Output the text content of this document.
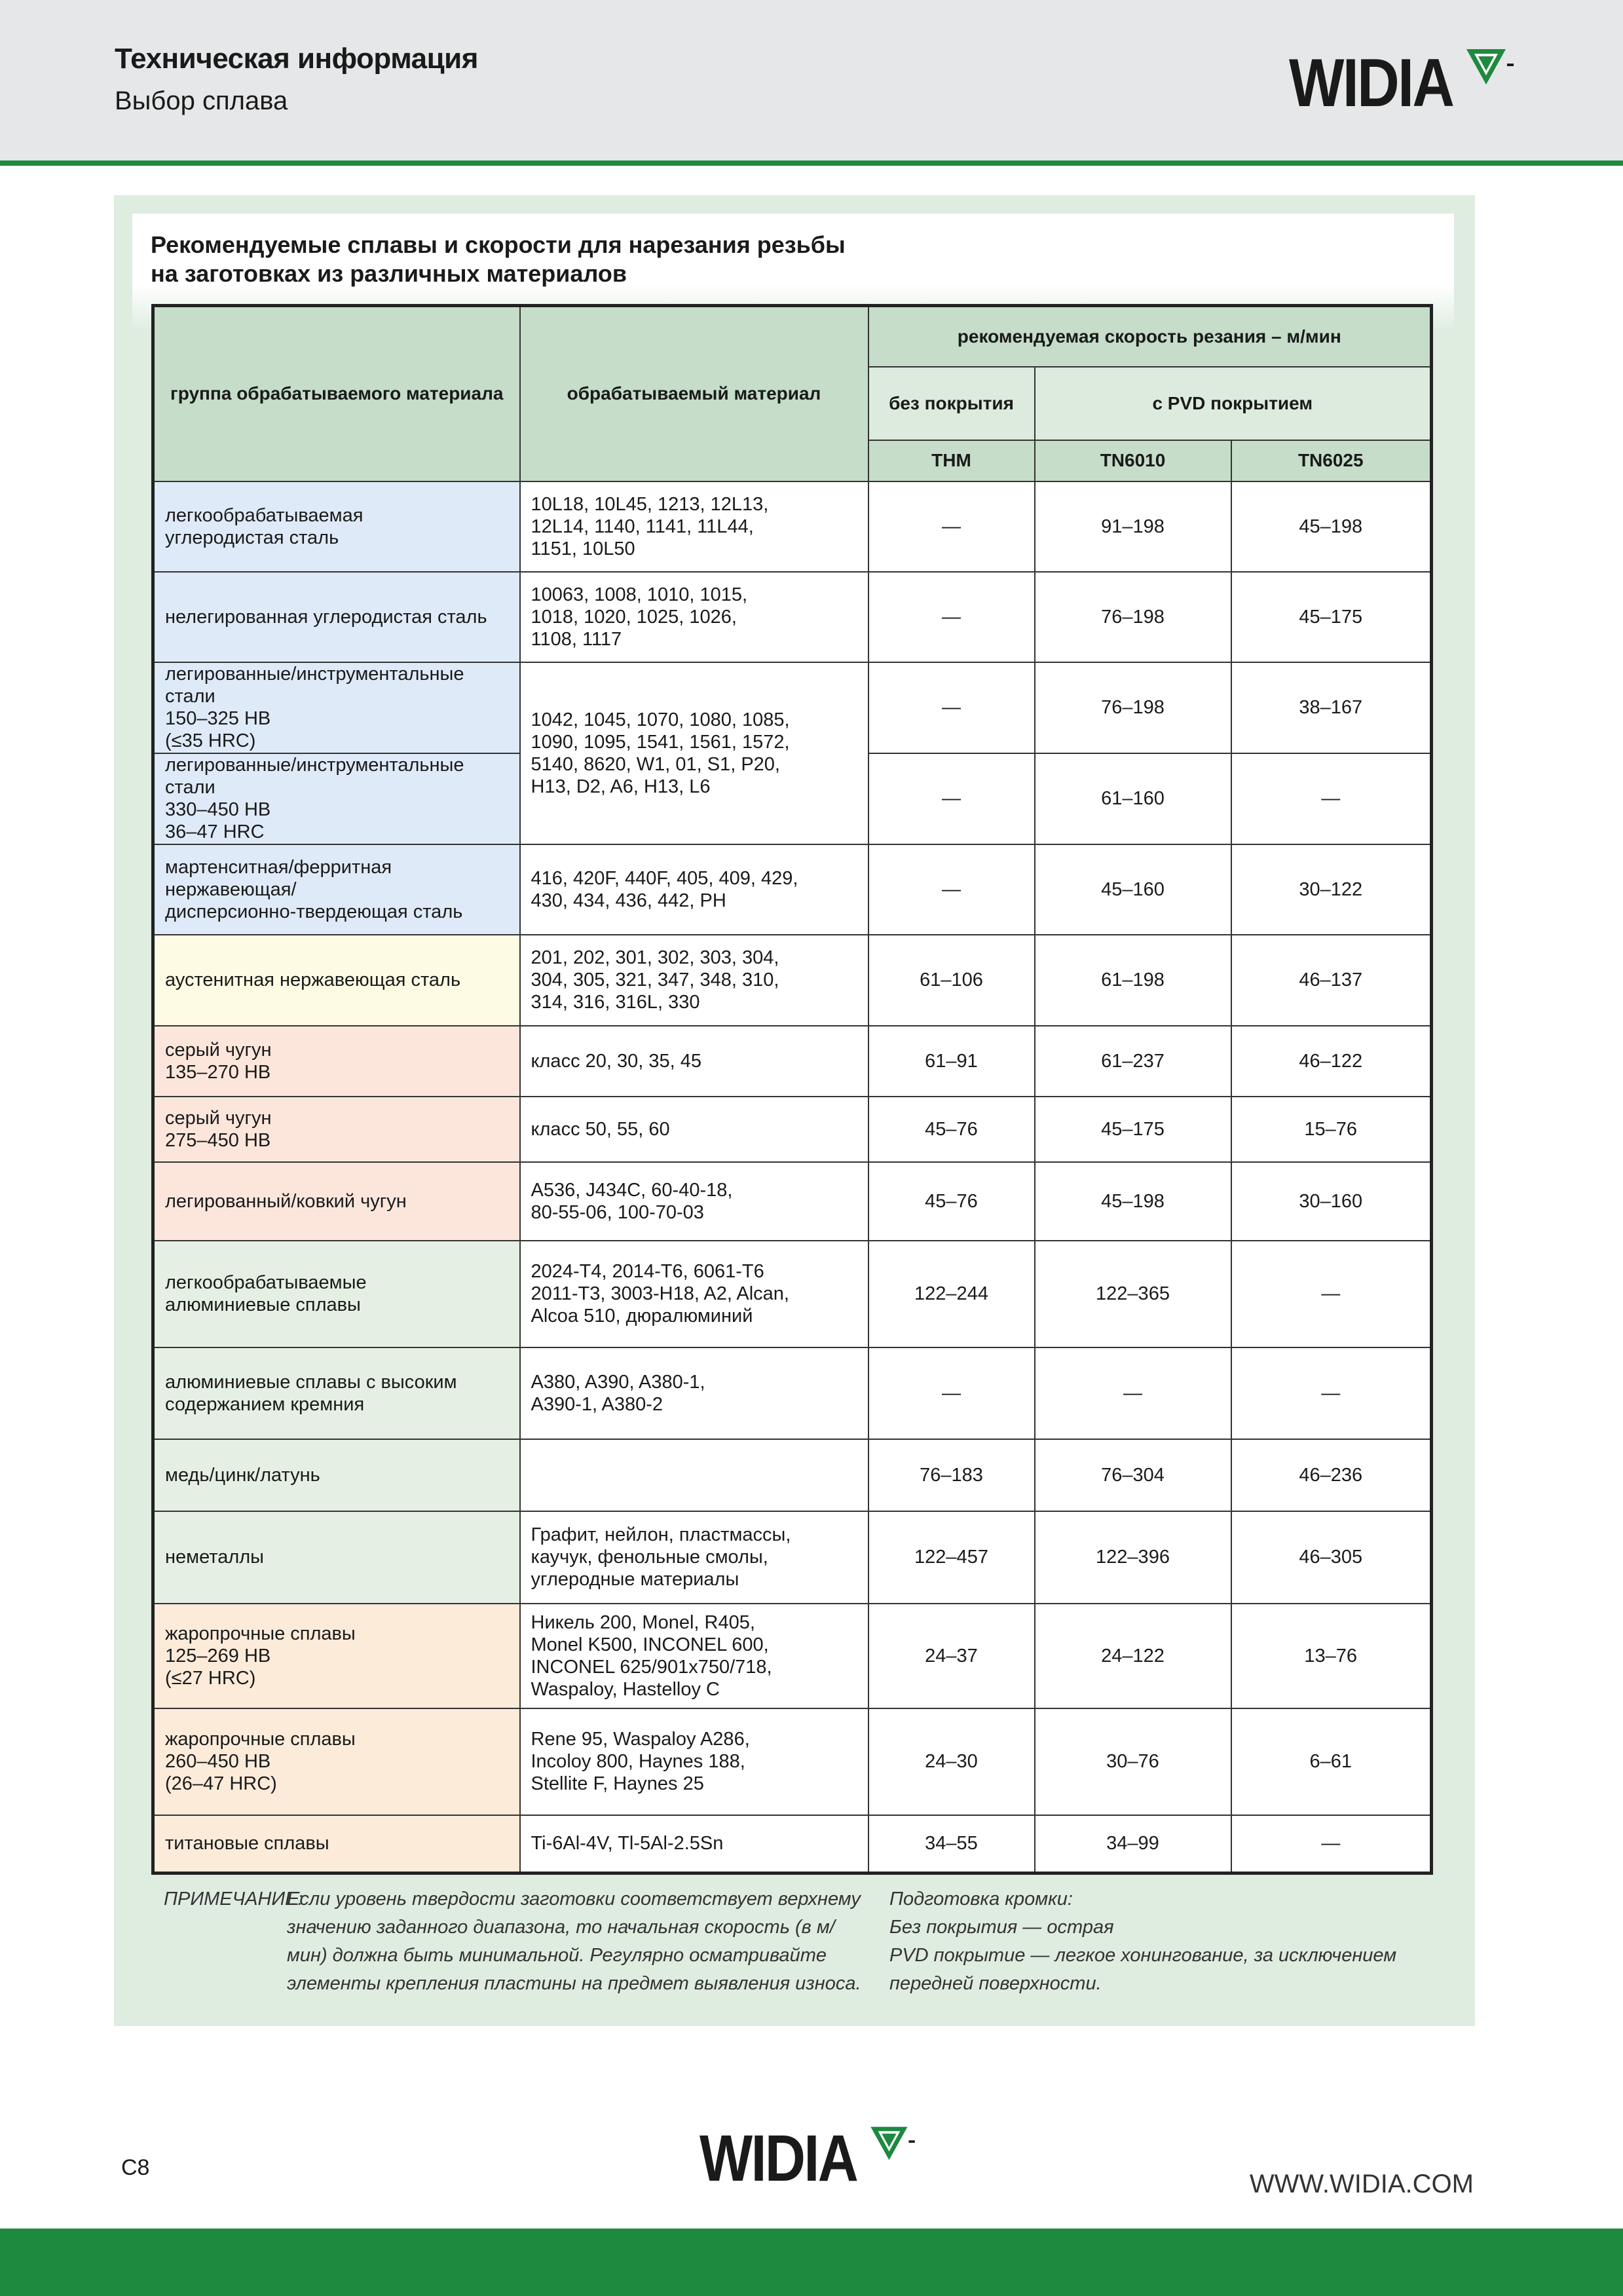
Техническая информация
Выбор сплава	WIDIA
Рекомендуемые сплавы и скорости для нарезания резьбы
на заготовках из различных материалов
группа обрабатываемого материала	обрабатываемый материал	рекомендуемая скорость резания – м/мин		
		без покрытия	с PVD покрытием	
		THM	TN6010	TN6025
легкообрабатываемая
углеродистая сталь	10L18, 10L45, 1213, 12L13,
12L14, 1140, 1141, 11L44,
1151, 10L50	—	91–198	45–198
нелегированная углеродистая сталь	10063, 1008, 1010, 1015,
1018, 1020, 1025, 1026,
1108, 1117	—	76–198	45–175
легированные/инструментальные стали
150–325 HB
(≤35 HRC)	1042, 1045, 1070, 1080, 1085,
1090, 1095, 1541, 1561, 1572,
5140, 8620, W1, 01, S1, P20,
H13, D2, A6, H13, L6	—	76–198	38–167
легированные/инструментальные стали
330–450 HB
36–47 HRC		—	61–160	—
мартенситная/ферритная нержавеющая/
дисперсионно-твердеющая сталь	416, 420F, 440F, 405, 409, 429,
430, 434, 436, 442, PH	—	45–160	30–122
аустенитная нержавеющая сталь	201, 202, 301, 302, 303, 304,
304, 305, 321, 347, 348, 310,
314, 316, 316L, 330	61–106	61–198	46–137
серый чугун
135–270 HB	класс 20, 30, 35, 45	61–91	61–237	46–122
серый чугун
275–450 HB	класс 50, 55, 60	45–76	45–175	15–76
легированный/ковкий чугун	A536, J434C, 60-40-18,
80-55-06, 100-70-03	45–76	45–198	30–160
легкообрабатываемые
алюминиевые сплавы	2024-T4, 2014-T6, 6061-T6
2011-T3, 3003-H18, A2, Alcan,
Alcoa 510, дюралюминий	122–244	122–365	—
алюминиевые сплавы с высоким
содержанием кремния	A380, A390, A380-1,
A390-1, A380-2	—	—	—
медь/цинк/латунь		76–183	76–304	46–236
неметаллы	Графит, нейлон, пластмассы,
каучук, фенольные смолы,
углеродные материалы	122–457	122–396	46–305
жаропрочные сплавы
125–269 HB
(≤27 HRC)	Никель 200, Monel, R405,
Monel K500, INCONEL 600,
INCONEL 625/901x750/718,
Waspaloy, Hastelloy C	24–37	24–122	13–76
жаропрочные сплавы
260–450 HB
(26–47 HRC)	Rene 95, Waspaloy A286,
Incoloy 800, Haynes 188,
Stellite F, Haynes 25	24–30	30–76	6–61
титановые сплавы	Ti-6Al-4V, Tl-5Al-2.5Sn	34–55	34–99	—
ПРИМЕЧАНИЕ:
Если уровень твердости заготовки соответствует верхнему значению заданного диапазона, то начальная скорость (в м/мин) должна быть минимальной. Регулярно осматривайте элементы крепления пластины на предмет выявления износа.
Подготовка кромки:
Без покрытия — острая
PVD покрытие — легкое хонингование, за исключением передней поверхности.
C8	WIDIA	WWW.WIDIA.COM
